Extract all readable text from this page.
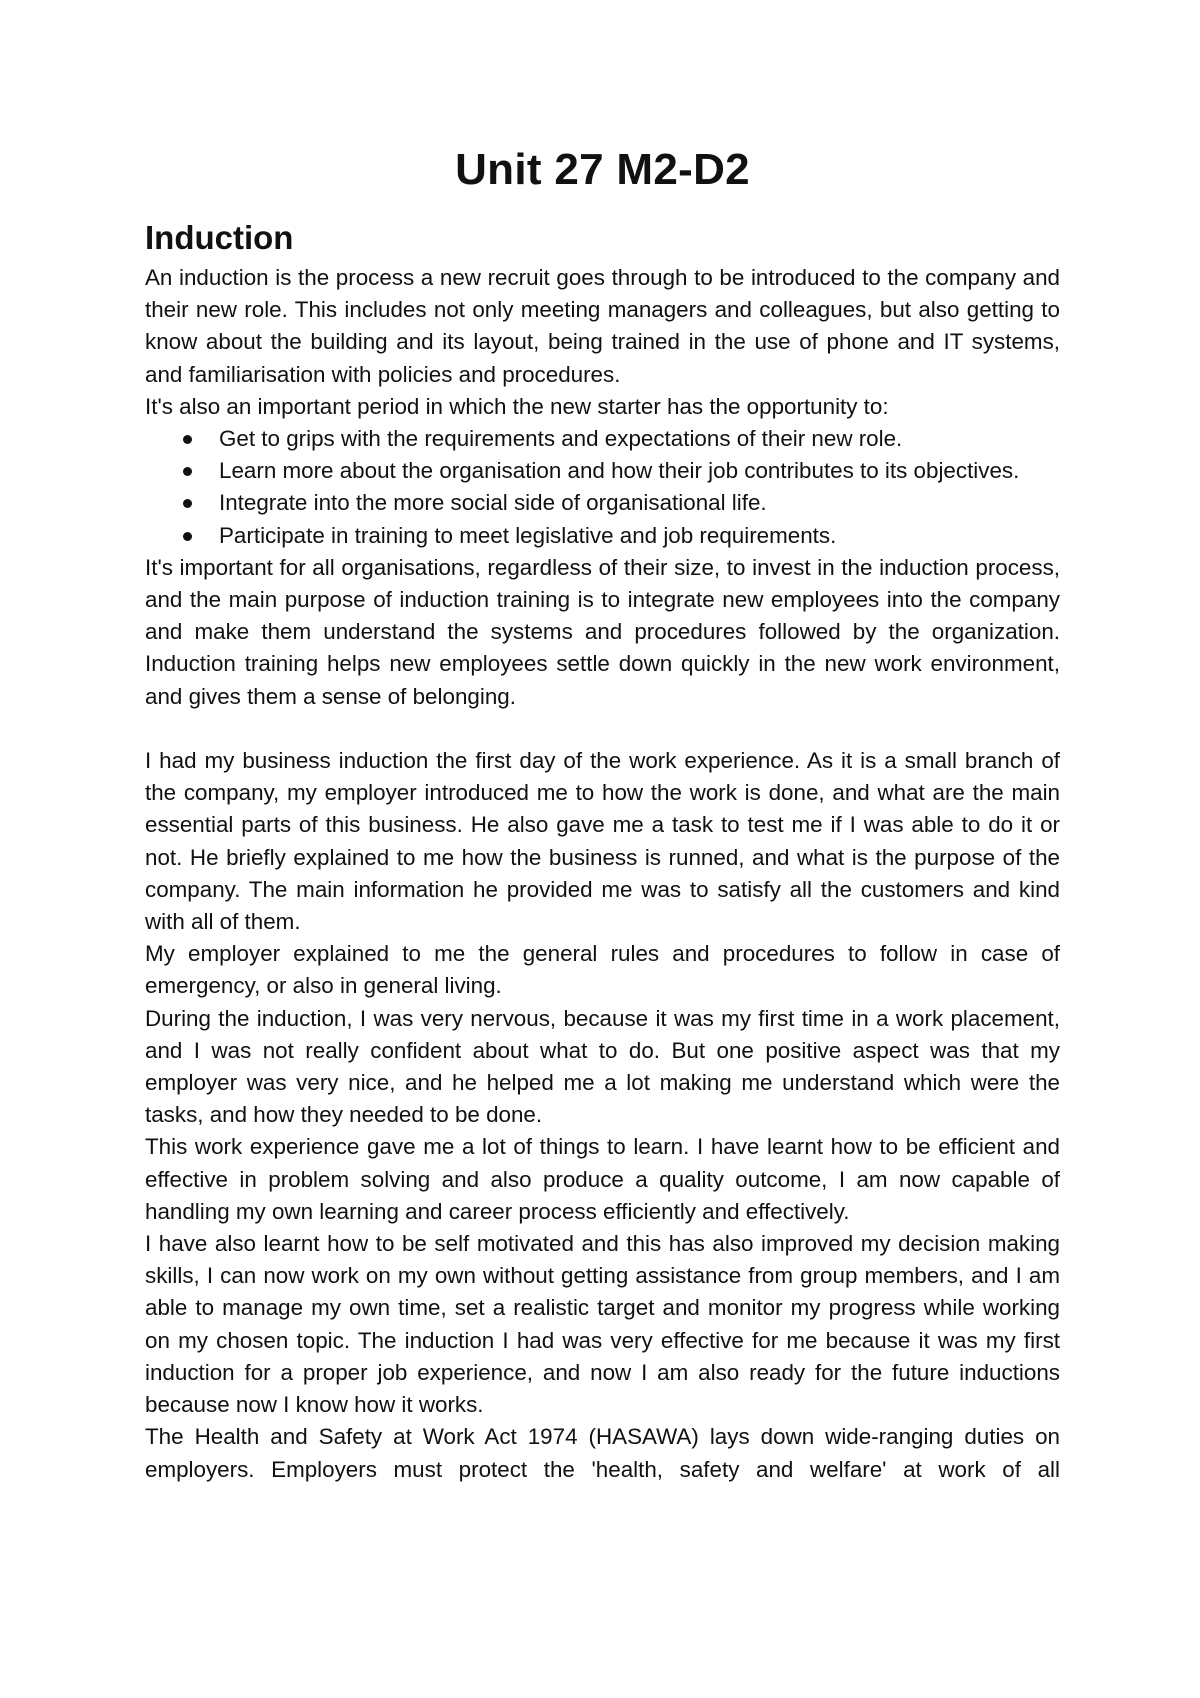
Unit 27 M2-D2
Induction

An induction is the process a new recruit goes through to be introduced to the company and their new role. This includes not only meeting managers and colleagues, but also getting to know about the building and its layout, being trained in the use of phone and IT systems, and familiarisation with policies and procedures.

It's also an important period in which the new starter has the opportunity to:

Get to grips with the requirements and expectations of their new role.
Learn more about the organisation and how their job contributes to its objectives.
Integrate into the more social side of organisational life.
Participate in training to meet legislative and job requirements.

It's important for all organisations, regardless of their size, to invest in the induction process, and the main purpose of induction training is to integrate new employees into the company and make them understand the systems and procedures followed by the organization. Induction training helps new employees settle down quickly in the new work environment, and gives them a sense of belonging.

I had my business induction the first day of the work experience. As it is a small branch of the company, my employer introduced me to how the work is done, and what are the main essential parts of this business. He also gave me a task to test me if I was able to do it or not. He briefly explained to me how the business is runned, and what is the purpose of the company. The main information he provided me was to satisfy all the customers and kind with all of them.

My employer explained to me the general rules and procedures to follow in case of emergency, or also in general living.

During the induction, I was very nervous, because it was my first time in a work placement, and I was not really confident about what to do. But one positive aspect was that my employer was very nice, and he helped me a lot making me understand which were the tasks, and how they needed to be done.

This work experience gave me a lot of things to learn. I have learnt how to be efficient and effective in problem solving and also produce a quality outcome, I am now capable of handling my own learning and career process efficiently and effectively.

I have also learnt how to be self motivated and this has also improved my decision making skills, I can now work on my own without getting assistance from group members, and I am able to manage my own time, set a realistic target and monitor my progress while working on my chosen topic. The induction I had was very effective for me because it was my first induction for a proper job experience, and now I am also ready for the future inductions because now I know how it works.

The Health and Safety at Work Act 1974 (HASAWA) lays down wide-ranging duties on employers. Employers must protect the 'health, safety and welfare' at work of all
